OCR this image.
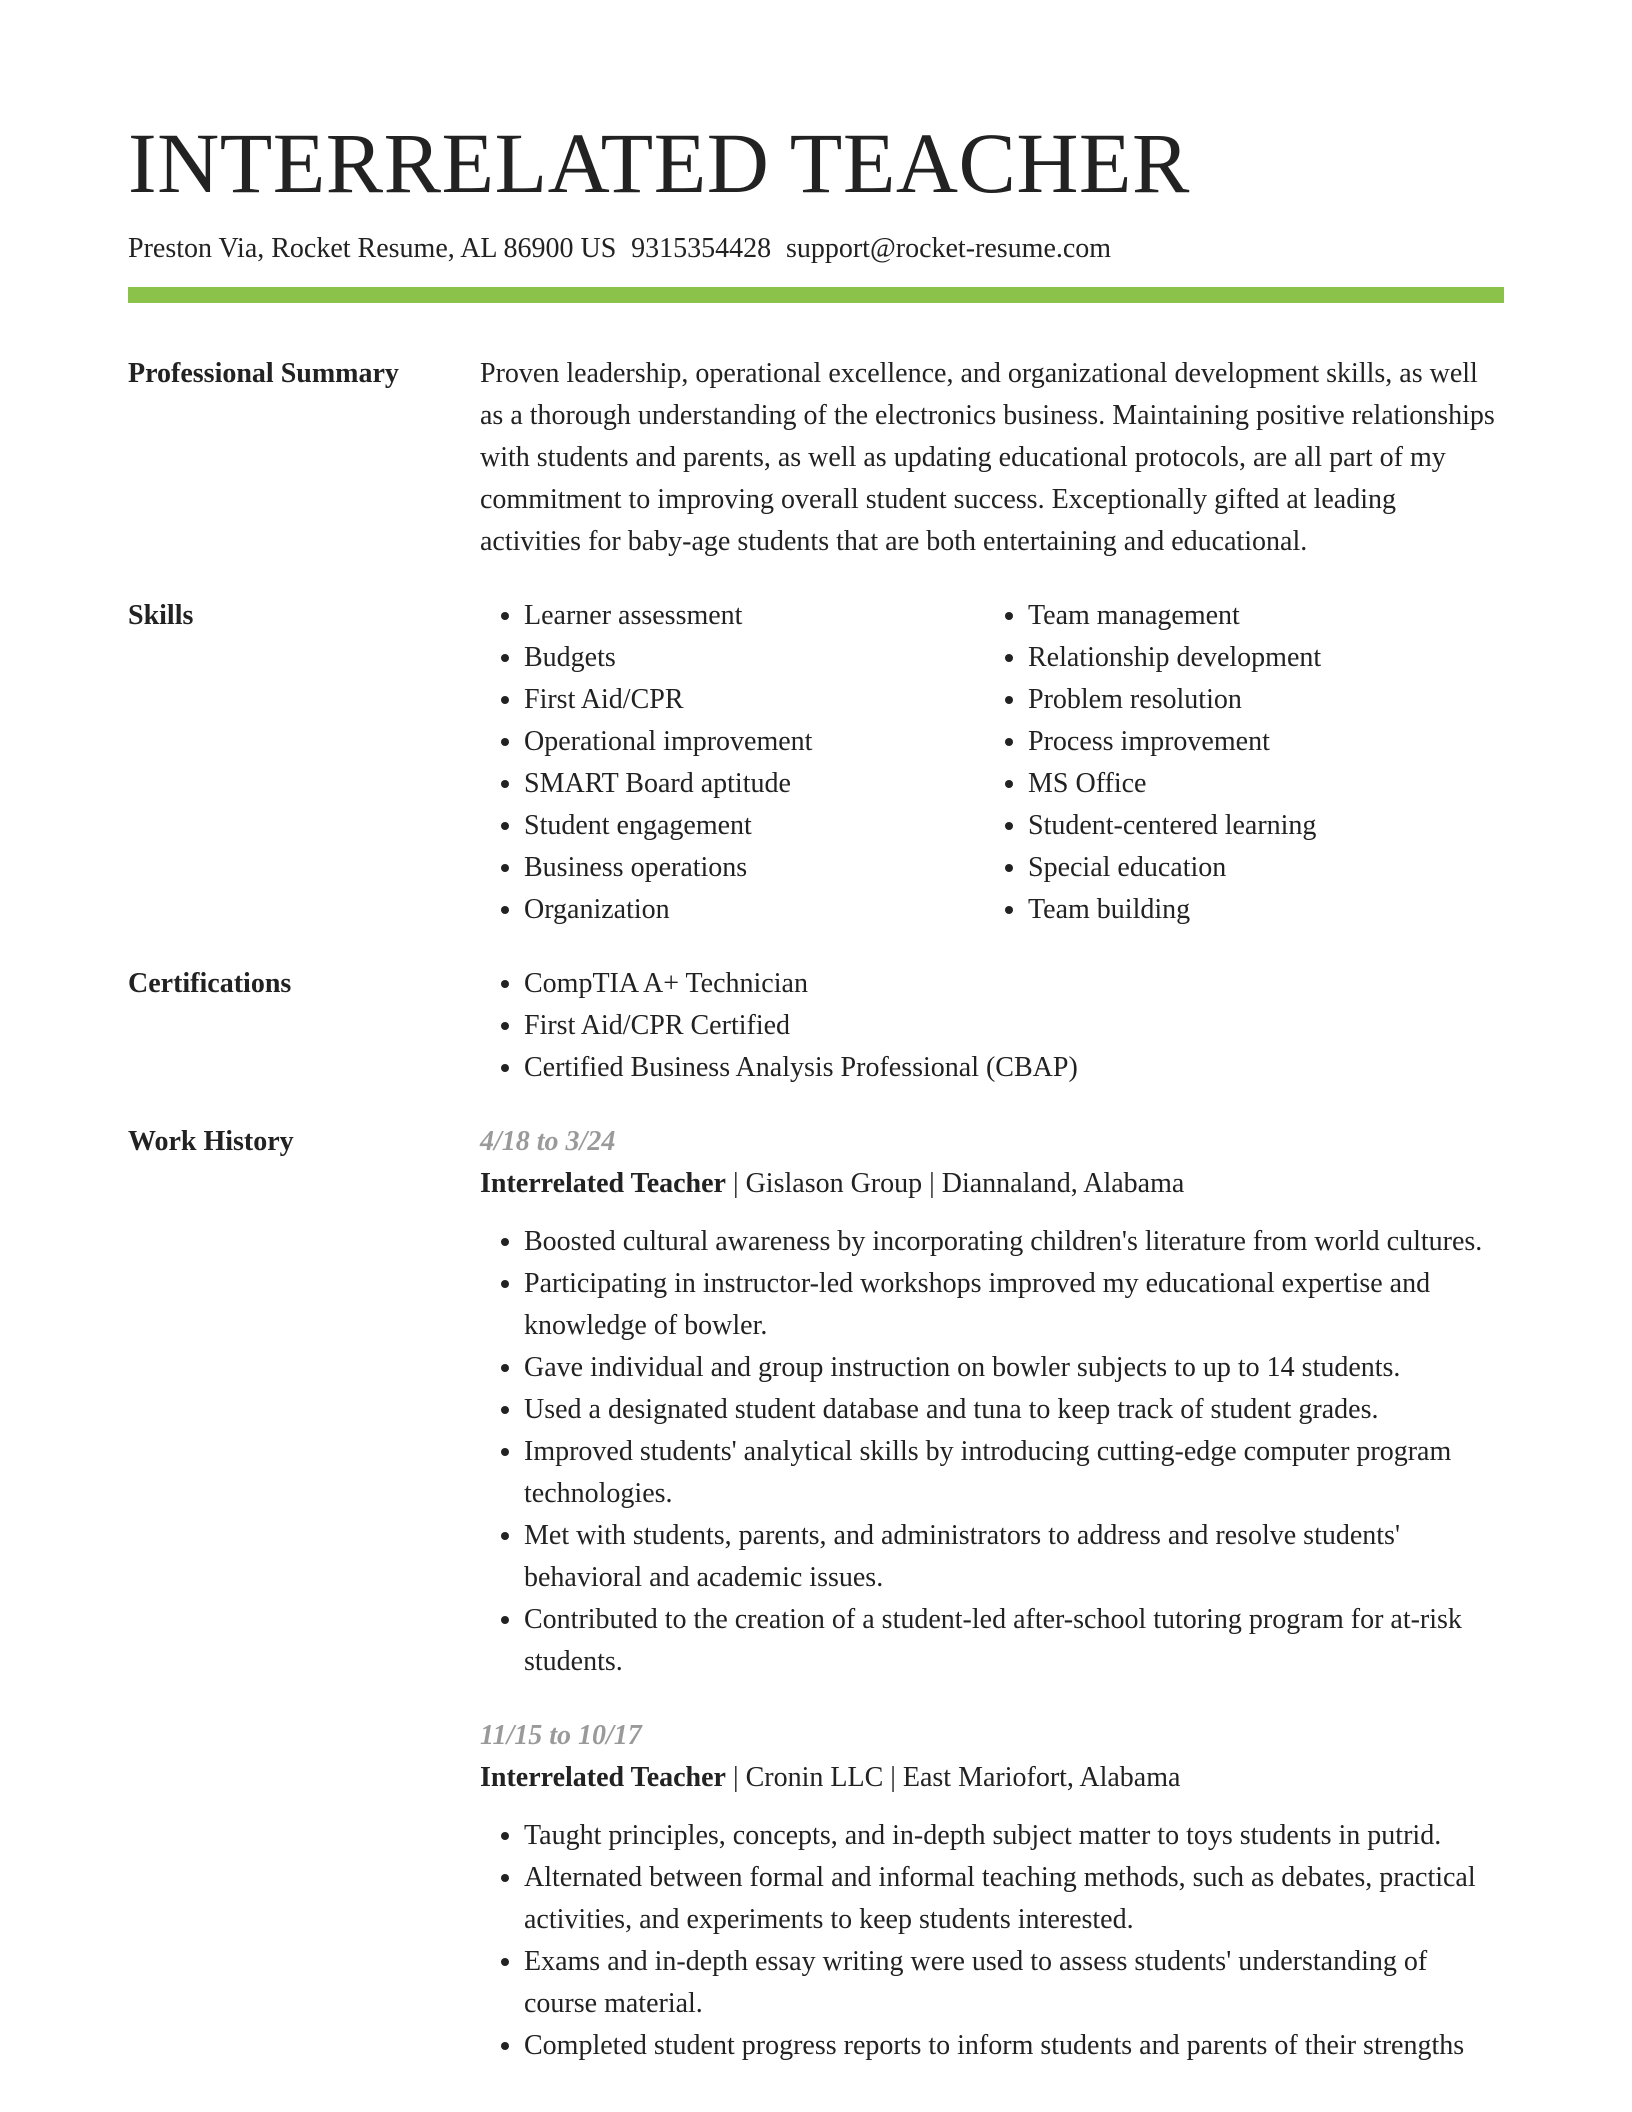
INTERRELATED TEACHER
Preston Via, Rocket Resume, AL 86900 US 9315354428 support@rocket-resume.com
Professional Summary	Proven leadership, operational excellence, and organizational development skills, as well as a thorough understanding of the electronics business. Maintaining positive relationships with students and parents, as well as updating educational protocols, are all part of my commitment to improving overall student success. Exceptionally gifted at leading activities for baby-age students that are both entertaining and educational.
Skills	• Learner assessment
• Budgets
• First Aid/CPR
• Operational improvement
• SMART Board aptitude
• Student engagement
• Business operations
• Organization
• Team management
• Relationship development
• Problem resolution
• Process improvement
• MS Office
• Student-centered learning
• Special education
• Team building
Certifications	• CompTIA A+ Technician
• First Aid/CPR Certified
• Certified Business Analysis Professional (CBAP)
Work History	4/18 to 3/24
Interrelated Teacher | Gislason Group | Diannaland, Alabama
• Boosted cultural awareness by incorporating children's literature from world cultures.
• Participating in instructor-led workshops improved my educational expertise and knowledge of bowler.
• Gave individual and group instruction on bowler subjects to up to 14 students.
• Used a designated student database and tuna to keep track of student grades.
• Improved students' analytical skills by introducing cutting-edge computer program technologies.
• Met with students, parents, and administrators to address and resolve students' behavioral and academic issues.
• Contributed to the creation of a student-led after-school tutoring program for at-risk students.
11/15 to 10/17
Interrelated Teacher | Cronin LLC | East Mariofort, Alabama
• Taught principles, concepts, and in-depth subject matter to toys students in putrid.
• Alternated between formal and informal teaching methods, such as debates, practical activities, and experiments to keep students interested.
• Exams and in-depth essay writing were used to assess students' understanding of course material.
• Completed student progress reports to inform students and parents of their strengths
